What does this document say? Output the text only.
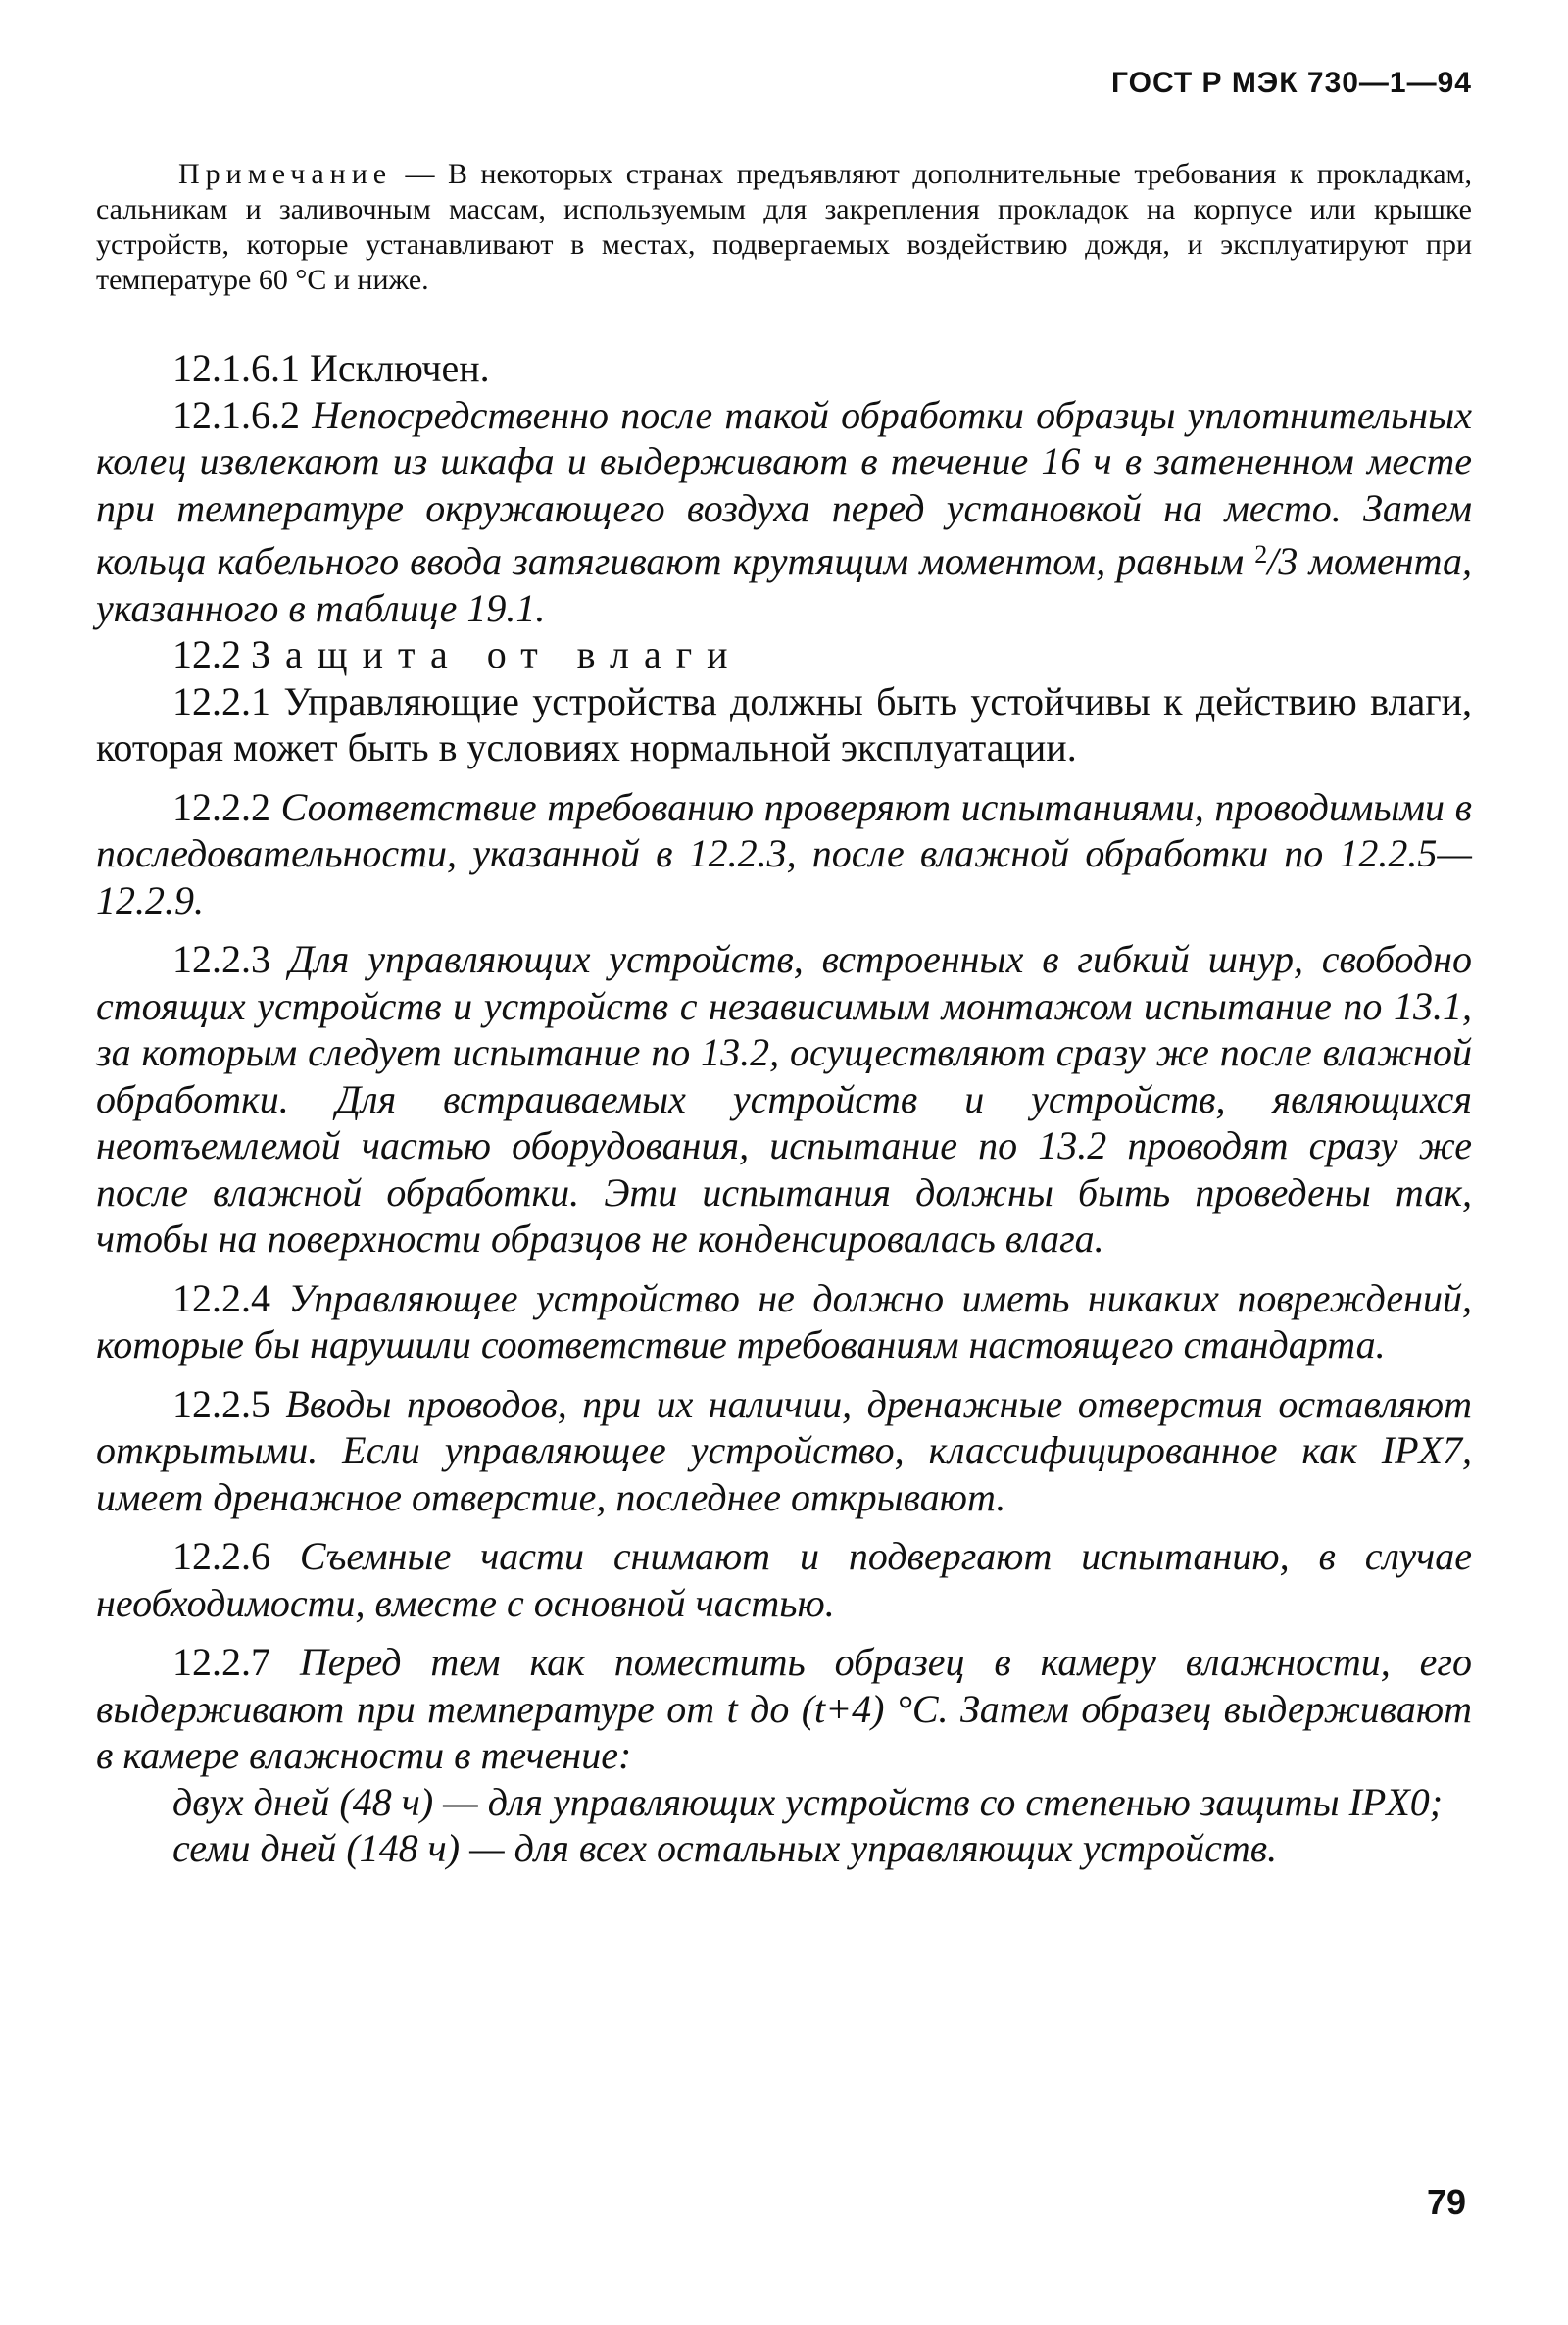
ГОСТ Р МЭК 730—1—94
Примечание — В некоторых странах предъявляют дополнительные требования к прокладкам, сальникам и заливочным массам, используемым для закрепления прокладок на корпусе или крышке устройств, которые устанавливают в местах, подвергаемых воздействию дождя, и эксплуатируют при температуре 60 °С и ниже.

12.1.6.1 Исключен.

12.1.6.2 Непосредственно после такой обработки образцы уплотнительных колец извлекают из шкафа и выдерживают в течение 16 ч в затененном месте при температуре окружающего воздуха перед установкой на место. Затем кольца кабельного ввода затягивают крутящим моментом, равным $^2$/3 момента, указанного в таблице 19.1.

12.2 Защита от влаги

12.2.1 Управляющие устройства должны быть устойчивы к действию влаги, которая может быть в условиях нормальной эксплуатации.

12.2.2 Соответствие требованию проверяют испытаниями, проводимыми в последовательности, указанной в 12.2.3, после влажной обработки по 12.2.5—12.2.9.

12.2.3 Для управляющих устройств, встроенных в гибкий шнур, свободно стоящих устройств и устройств с независимым монтажом испытание по 13.1, за которым следует испытание по 13.2, осуществляют сразу же после влажной обработки. Для встраиваемых устройств и устройств, являющихся неотъемлемой частью оборудования, испытание по 13.2 проводят сразу же после влажной обработки. Эти испытания должны быть проведены так, чтобы на поверхности образцов не конденсировалась влага.

12.2.4 Управляющее устройство не должно иметь никаких повреждений, которые бы нарушили соответствие требованиям настоящего стандарта.

12.2.5 Вводы проводов, при их наличии, дренажные отверстия оставляют открытыми. Если управляющее устройство, классифицированное как IPX7, имеет дренажное отверстие, последнее открывают.

12.2.6 Съемные части снимают и подвергают испытанию, в случае необходимости, вместе с основной частью.

12.2.7 Перед тем как поместить образец в камеру влажности, его выдерживают при температуре от t до (t+4) °С. Затем образец выдерживают в камере влажности в течение:

двух дней (48 ч) — для управляющих устройств со степенью защиты IPX0;

семи дней (148 ч) — для всех остальных управляющих устройств.

79
